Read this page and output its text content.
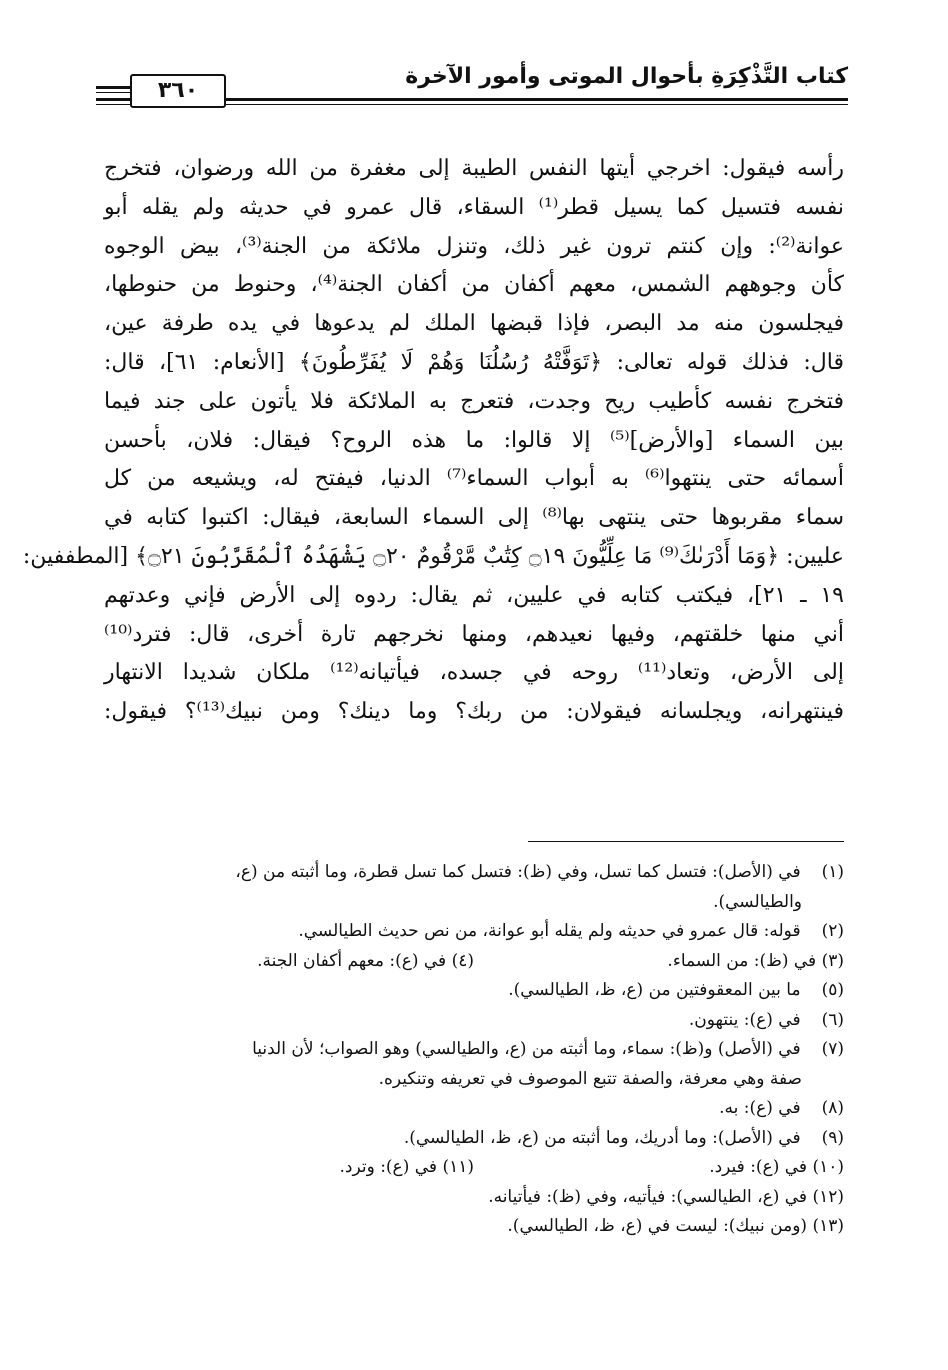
٣٦٠
كتاب التَّذْكِرَةِ بأحوال الموتى وأمور الآخرة
رأسه فيقول: اخرجي أيتها النفس الطيبة إلى مغفرة من الله ورضوان، فتخرج
نفسه فتسيل كما يسيل قطر⁽¹⁾ السقاء، قال عمرو في حديثه ولم يقله أبو
عوانة⁽²⁾: وإن كنتم ترون غير ذلك، وتنزل ملائكة من الجنة⁽³⁾، بيض الوجوه
كأن وجوههم الشمس، معهم أكفان من أكفان الجنة⁽⁴⁾، وحنوط من حنوطها،
فيجلسون منه مد البصر، فإذا قبضها الملك لم يدعوها في يده طرفة عين،
قال: فذلك قوله تعالى: ﴿تَوَفَّتْهُ رُسُلُنَا وَهُمْ لَا يُفَرِّطُونَ﴾ [الأنعام: ٦١]، قال:
فتخرج نفسه كأطيب ريح وجدت، فتعرج به الملائكة فلا يأتون على جند فيما
بين السماء [والأرض]⁽⁵⁾ إلا قالوا: ما هذه الروح؟ فيقال: فلان، بأحسن
أسمائه حتى ينتهوا⁽⁶⁾ به أبواب السماء⁽⁷⁾ الدنيا، فيفتح له، ويشيعه من كل
سماء مقربوها حتى ينتهى بها⁽⁸⁾ إلى السماء السابعة، فيقال: اكتبوا كتابه في
عليين: ﴿وَمَا أَدْرَىٰكَ⁽⁹⁾ مَا عِلِّيُّونَ ۝١٩ كِتَٰبٌ مَّرْقُومٌ ۝٢٠ يَشْهَدُهُ ٱلْمُقَرَّبُونَ ۝٢١﴾ [المطففين:
١٩ ـ ٢١]، فيكتب كتابه في عليين، ثم يقال: ردوه إلى الأرض فإني وعدتهم
أني منها خلقتهم، وفيها نعيدهم، ومنها نخرجهم تارة أخرى، قال: فترد⁽¹⁰⁾
إلى الأرض، وتعاد⁽¹¹⁾ روحه في جسده، فيأتيانه⁽¹²⁾ ملكان شديدا الانتهار
فينتهرانه، ويجلسانه فيقولان: من ربك؟ وما دينك؟ ومن نبيك⁽¹³⁾؟ فيقول:
(١) في (الأصل): فتسل كما تسل، وفي (ظ): فتسل كما تسل قطرة، وما أثبته من (ع،
والطيالسي).
(٢) قوله: قال عمرو في حديثه ولم يقله أبو عوانة، من نص حديث الطيالسي.
(٣) في (ظ): من السماء.
(٤) في (ع): معهم أكفان الجنة.
(٥) ما بين المعقوفتين من (ع، ظ، الطيالسي).
(٦) في (ع): ينتهون.
(٧) في (الأصل) و(ظ): سماء، وما أثبته من (ع، والطيالسي) وهو الصواب؛ لأن الدنيا
صفة وهي معرفة، والصفة تتبع الموصوف في تعريفه وتنكيره.
(٨) في (ع): به.
(٩) في (الأصل): وما أدريك، وما أثبته من (ع، ظ، الطيالسي).
(١٠) في (ع): فيرد.
(١١) في (ع): وترد.
(١٢) في (ع، الطيالسي): فيأتيه، وفي (ظ): فيأتيانه.
(١٣) (ومن نبيك): ليست في (ع، ظ، الطيالسي).
